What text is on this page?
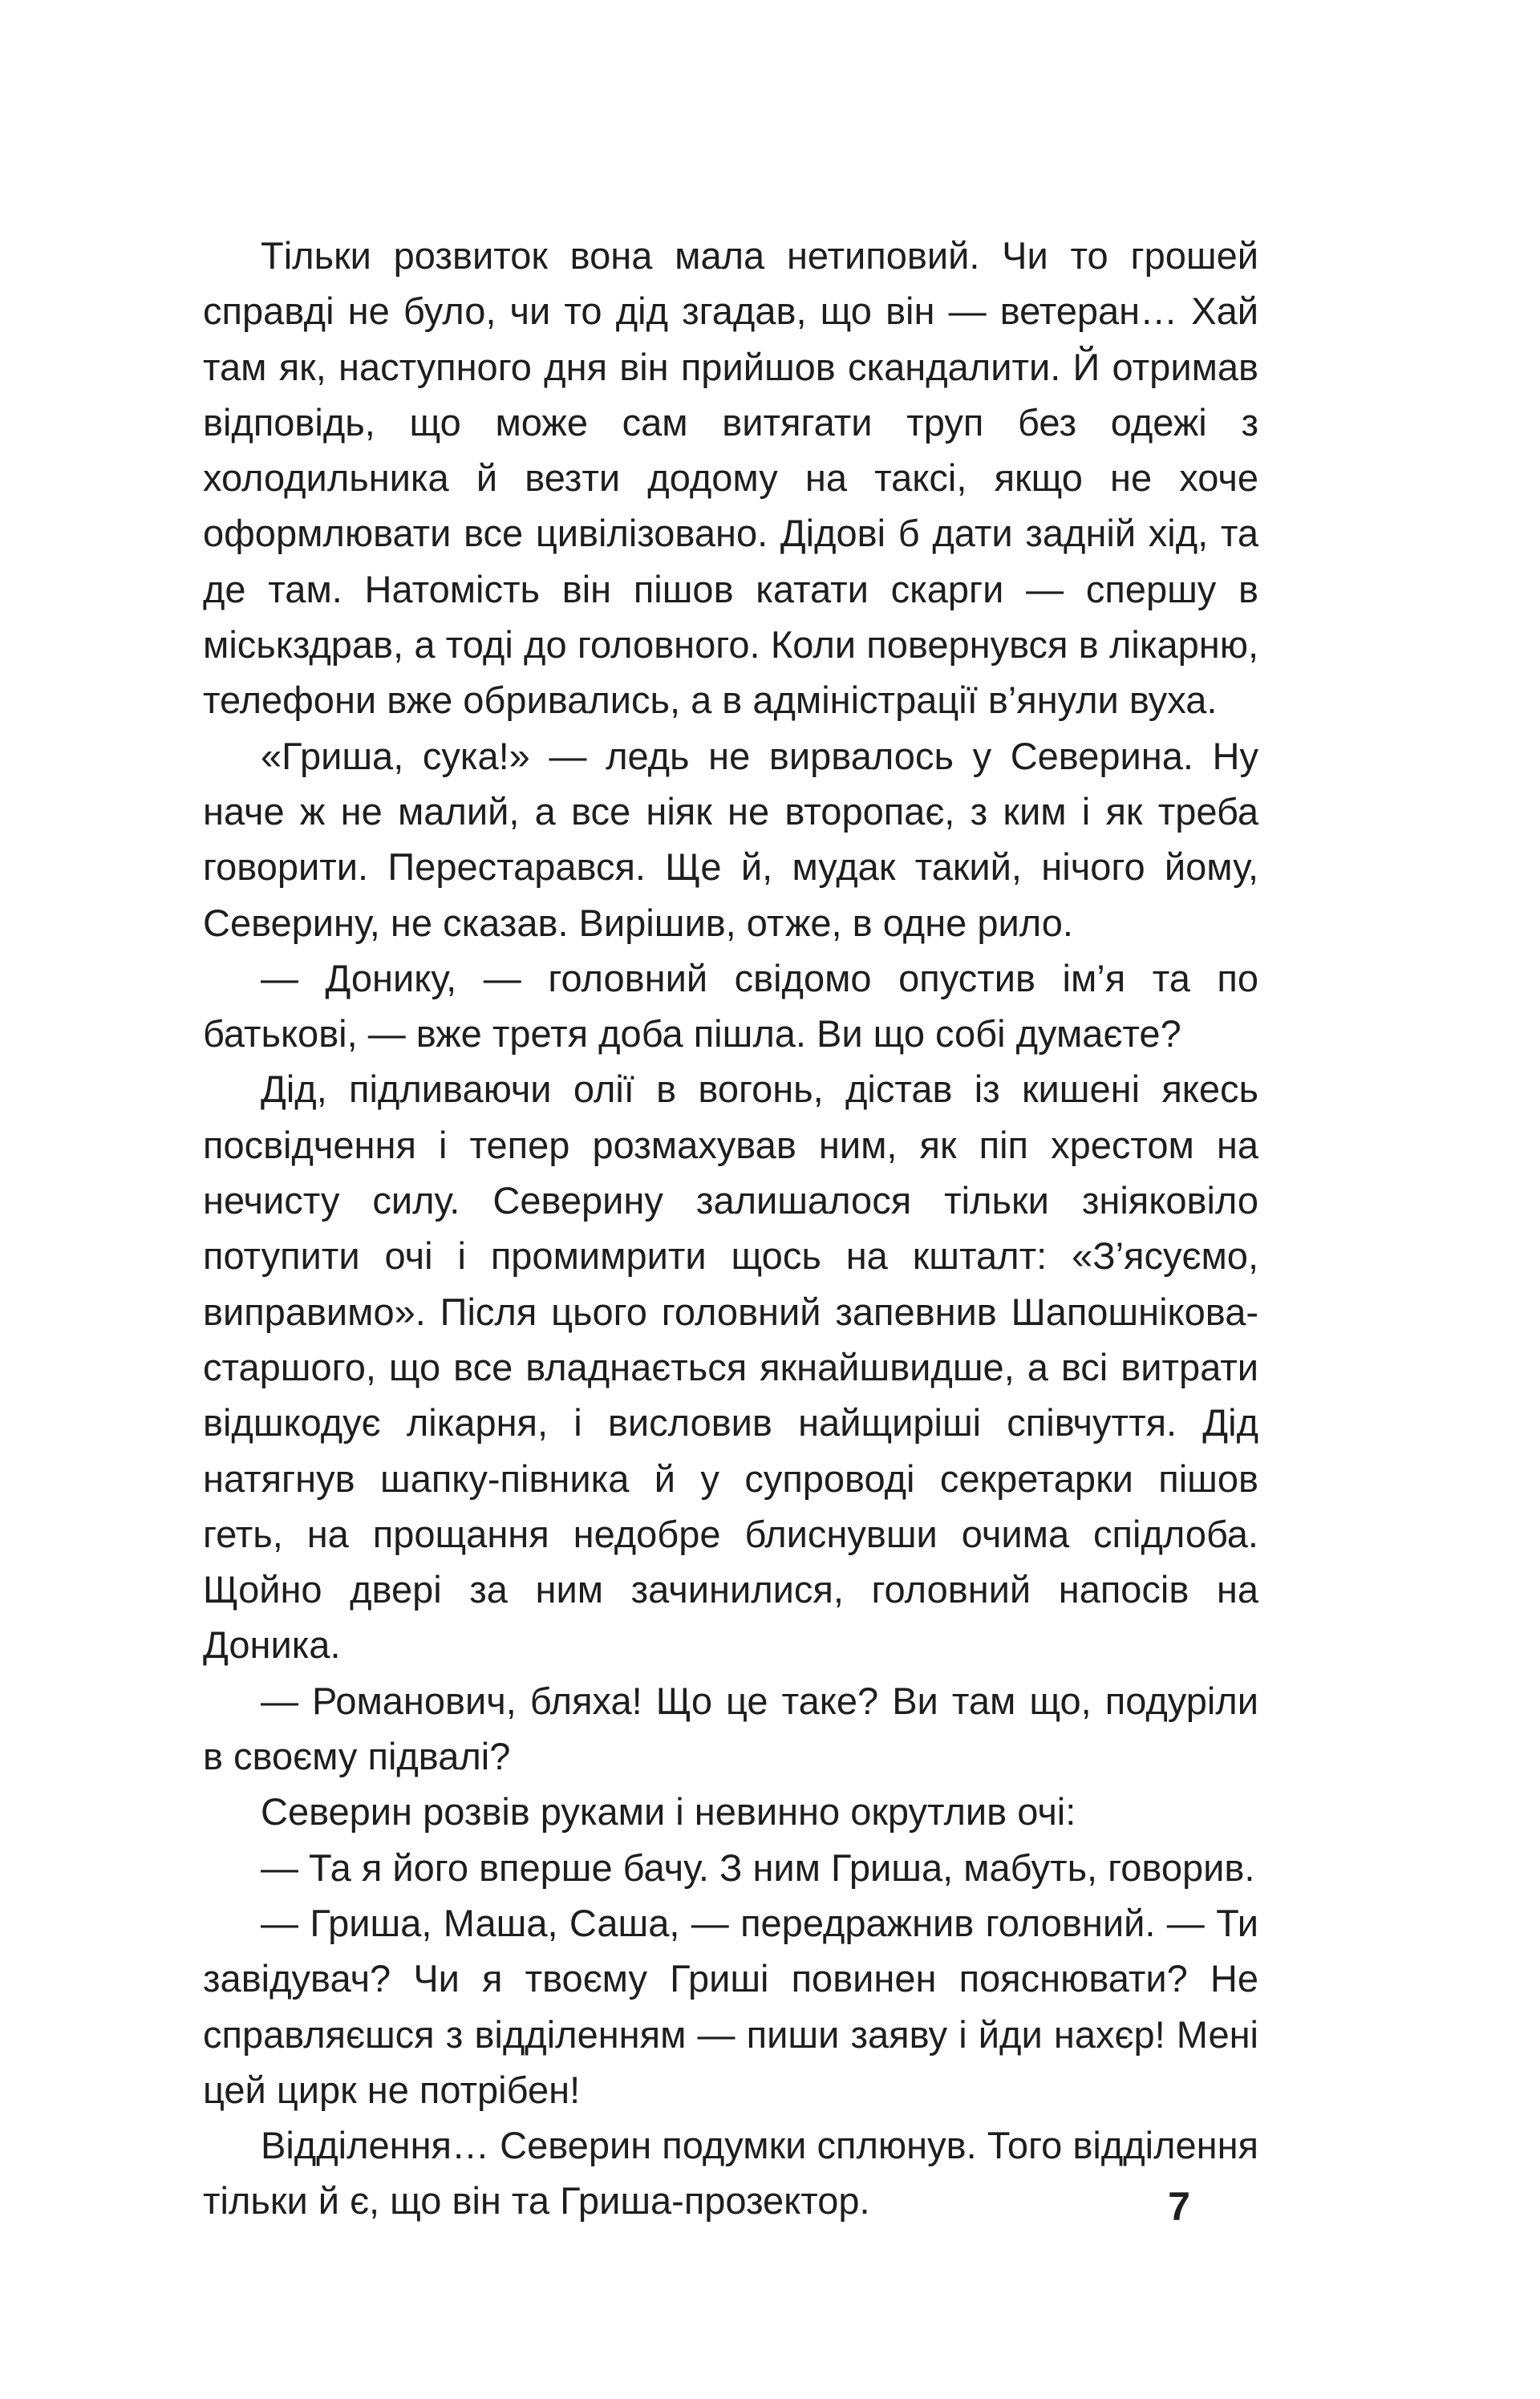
Тільки розвиток вона мала нетиповий. Чи то грошей справді не було, чи то дід згадав, що він — ветеран… Хай там як, наступного дня він прийшов скандалити. Й отримав відповідь, що може сам витягати труп без одежі з холодильника й везти додому на таксі, якщо не хоче оформлювати все цивілізовано. Дідові б дати задній хід, та де там. Натомість він пішов катати скарги — спершу в міськздрав, а тоді до головного. Коли повернувся в лікарню, телефони вже обривались, а в адміністрації в’янули вуха.

«Гриша, сука!» — ледь не вирвалось у Северина. Ну наче ж не малий, а все ніяк не второпає, з ким і як треба говорити. Перестарався. Ще й, мудак такий, нічого йому, Северину, не сказав. Вирішив, отже, в одне рило.

— Донику, — головний свідомо опустив ім’я та по батькові, — вже третя доба пішла. Ви що собі думаєте?

Дід, підливаючи олії в вогонь, дістав із кишені якесь посвідчення і тепер розмахував ним, як піп хрестом на нечисту силу. Северину залишалося тільки зніяковіло потупити очі і промимрити щось на кшталт: «З’ясуємо, виправимо». Після цього головний запевнив Шапошнікова-старшого, що все владнається якнайшвидше, а всі витрати відшкодує лікарня, і висловив найщиріші співчуття. Дід натягнув шапку-півника й у супроводі секретарки пішов геть, на прощання недобре блиснувши очима спідлоба. Щойно двері за ним зачинилися, головний напосів на Доника.

— Романович, бляха! Що це таке? Ви там що, подуріли в своєму підвалі?

Северин розвів руками і невинно окрутлив очі:

— Та я його вперше бачу. З ним Гриша, мабуть, говорив.

— Гриша, Маша, Саша, — передражнив головний. — Ти завідувач? Чи я твоєму Гриші повинен пояснювати? Не справляєшся з відділенням — пиши заяву і йди нахєр! Мені цей цирк не потрібен!

Відділення… Северин подумки сплюнув. Того відділення тільки й є, що він та Гриша-прозектор.	7
